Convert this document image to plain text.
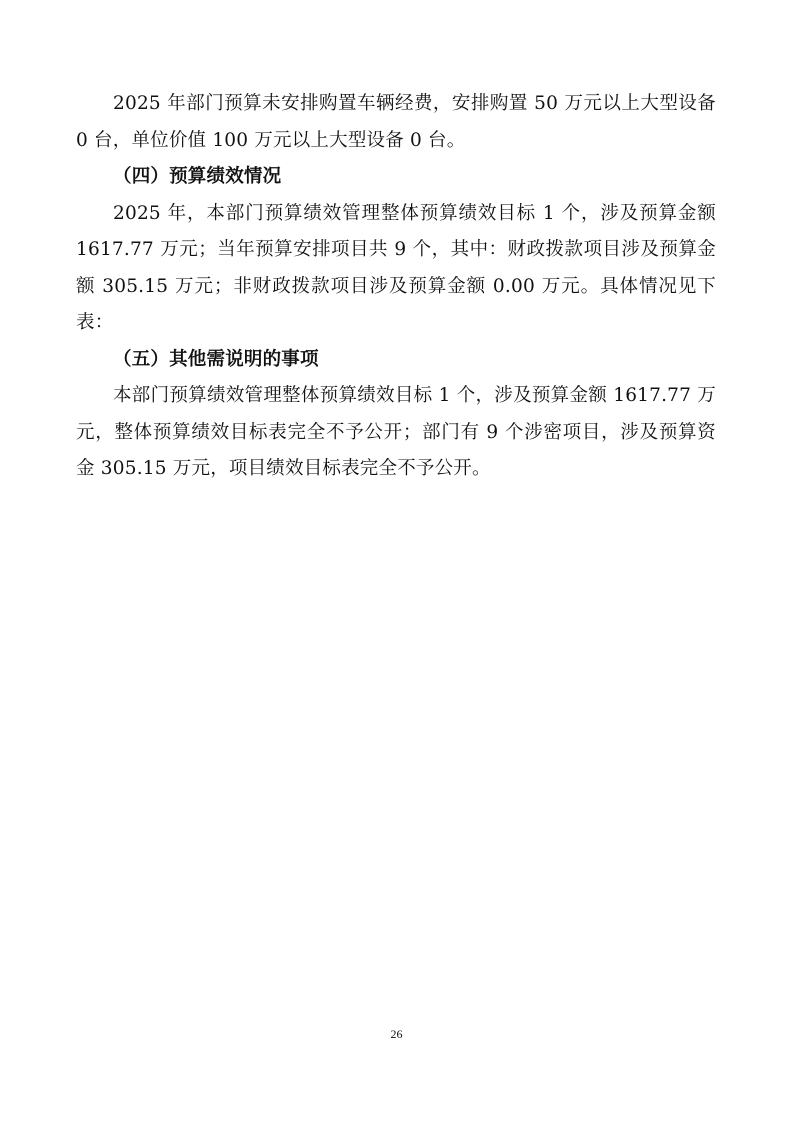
2025 年部门预算未安排购置车辆经费，安排购置 50 万元以上大型设备 0 台，单位价值 100 万元以上大型设备 0 台。

（四）预算绩效情况

2025 年，本部门预算绩效管理整体预算绩效目标 1 个，涉及预算金额 1617.77 万元；当年预算安排项目共 9 个，其中：财政拨款项目涉及预算金额 305.15 万元；非财政拨款项目涉及预算金额 0.00 万元。具体情况见下表：

（五）其他需说明的事项

本部门预算绩效管理整体预算绩效目标 1 个，涉及预算金额 1617.77 万元，整体预算绩效目标表完全不予公开；部门有 9 个涉密项目，涉及预算资金 305.15 万元，项目绩效目标表完全不予公开。

26
